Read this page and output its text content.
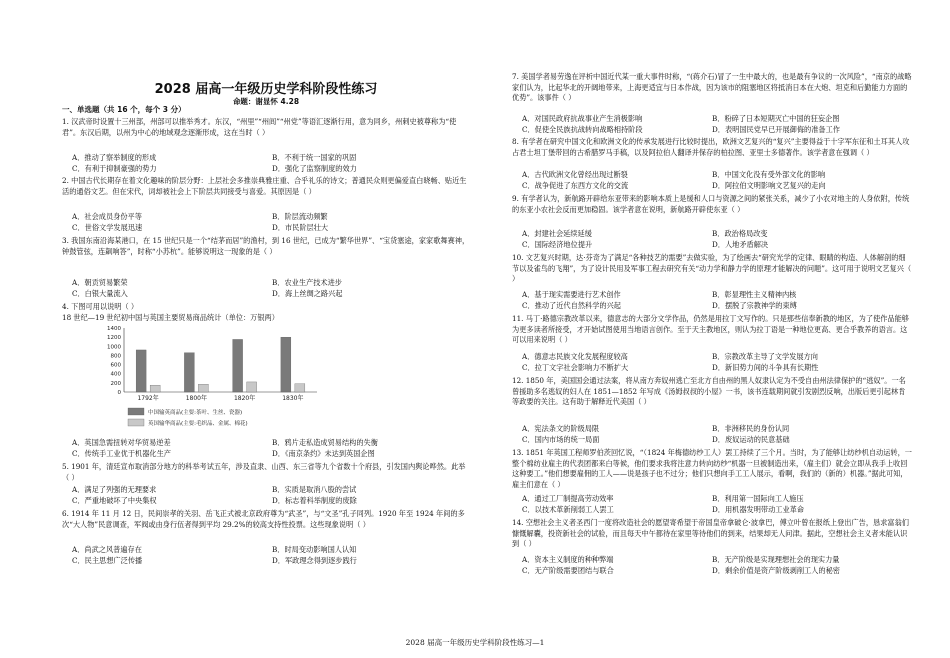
2028 届高一年级历史学科阶段性练习
命题：谢显怀 4.28
一、单选题（共 16 个，每个 3 分）
1. 汉武帝时设置十三州部，州部可以推举秀才。东汉，“州里”“州闾”“州党”等语汇逐渐行用，意为同乡，州刺史被尊称为“使君”。东汉后期，以州为中心的地域观念逐渐形成，这在当时（ ）
A．推动了察举制度的形成	B．不利于统一国家的巩固
C．有利于抑制豪强的势力	D．强化了监察制度的效力
2. 中国古代长期存在着文化趣味的阶层分野：上层社会多推崇典雅庄重、合乎礼乐的诗文；普通民众则更偏爱直白晓畅、贴近生活的通俗文艺。但在宋代，词却被社会上下阶层共同接受与喜爱。其原因是（ ）
A．社会成员身份平等	B．阶层流动频繁
C．世俗文学发展迅速	D．市民阶层壮大
3. 我国东南沿海某港口，在 15 世纪只是一个“结茅而居”的渔村，到 16 世纪，已成为“繁华世界”、“宝货塞途，家家歌舞赛神，钟鼓管弦，连飙响答”，时称“小苏杭”。能够说明这一现象的是（ ）
A．朝贡贸易繁荣	B．农业生产技术进步
C．白银大量流入	D．海上丝绸之路兴起
4. 下图可用以说明（ ）
18 世纪—19 世纪初中国与英国主要贸易商品统计（单位：万银两）
0
200
400
600
800
1000
1200
1400
1792年	1800年	1820年	1830年
中国输英商品(主要:茶叶、生丝、瓷器)
英国输华商品(主要:毛织品、金属、棉花)
A．英国急需扭转对华贸易逆差	B．鸦片走私造成贸易结构的失衡
C．传统手工业优于机器化生产	D．《南京条约》未达到英国企图
5. 1901 年，清廷宣布取消部分地方的科举考试五年，涉及直隶、山西、东三省等九个省数十个府县，引发国内舆论哗然。此举（ ）
A．满足了列强的无理要求	B．实质是取消八股的尝试
C．严重地破坏了中央集权	D．标志着科举制度的废除
6. 1914 年 11 月 12 日，民间崇孝的关羽、岳飞正式被北京政府尊为“武圣”，与“文圣”孔子同列。1920 年至 1924 年间的多次“大人物”民意调查，军阀或由身行伍者得到平均 29.2%的较高支持性投票。这些现象说明（ ）
A．尚武之风普遍存在	B．时局变动影响国人认知
C．民主思想广泛传播	D．军政理念得到逐步践行
7. 美国学者易劳逸在评析中国近代某一重大事件时称，“(蒋介石)冒了一生中最大的，也是最有争议的一次风险”，“南京的战略家们认为，比起华北的开阔地带来，上海更适宜与日本作战，因为该市的阻塞地区将抵消日本在大炮、坦克和后勤能力方面的优势”。该事件（ ）
A．对国民政府抗战事业产生消极影响	B．粉碎了日本短期灭亡中国的狂妄企图
C．促使全民族抗战转向战略相持阶段	D．表明国民党早已开展御侮的准备工作
8. 有学者在研究中国文化和欧洲文化的传承发展进行比较时提出，欧洲文艺复兴的“复兴”主要得益于十字军东征和土耳其人攻占君士坦丁堡带回的古希腊罗马手稿，以及阿拉伯人翻译并保存的柏拉图、亚里士多德著作。该学者意在强调（ ）
A．古代欧洲文化曾经出现过断裂	B．中国文化没有受外部文化的影响
C．战争促进了东西方文化的交流	D．阿拉伯文明影响文艺复兴的走向
9. 有学者认为，新航路开辟给东亚带来的影响本质上是缓和人口与资源之间的紧张关系，减少了小农对地主的人身依附，传统的东亚小农社会反而更加稳固。该学者意在说明，新航路开辟使东亚（ ）
A．封建社会延续延缓	B．政治格局改变
C．国际经济地位提升	D．人地矛盾解决
10. 文艺复兴时期，达·芬奇为了满足“各种技艺的需要”去做实验，为了绘画去“研究光学的定律、眼睛的构造、人体解剖的细节以及雀鸟的飞翔”，为了设计民用及军事工程去研究有关“动力学和静力学的原理才能解决的问题”。这可用于说明文艺复兴（ ）
A．基于现实需要进行艺术创作	B．彰显理性主义精神内核
C．推动了近代自然科学的兴起	D．摆脱了宗教神学的束缚
11. 马丁·路德宗教改革以来，德意志的大部分文学作品，仍然是用拉丁文写作的。只是那些信奉新教的地区，为了使作品能够为更多读者所接受，才开始试图使用当地语言创作。至于天主教地区，则认为拉丁语是一种地位更高、更合乎教养的语言。这可以用来说明（ ）
A．德意志民族文化发展程度较高	B．宗教改革主导了文学发展方向
C．拉丁文字社会影响力不断扩大	D．新旧势力间的斗争具有长期性
12. 1850 年，美国国会通过法案，将从南方奔奴州逃亡至北方自由州的黑人奴隶认定为不受自由州法律保护的“逃奴”。一名曾援助多名逃奴的妇人在 1851—1852 年写成《汤姆叔叔的小屋》一书，该书连载期间就引发剧烈反响，出版后更引起林肯等政要的关注。这有助于解释近代美国（ ）
A．宪法条文的阶级局限	B．非洲移民的身份认同
C．国内市场的统一局面	D．废奴运动的民意基础
13. 1851 年英国工程师罗伯茨回忆说，“（1824 年梅德纺纱工人）罢工持续了三个月。当时，为了能够让纺纱机自动运转，一整个棉纺业雇主的代表团都来白等候，他们要求我将注意力转向纺纱“机器一旦被制造出来，（雇主们）就会立即从我手上收回这种要工。”他们想要雇佣的工人——说是孩子也不过分；他们只想向手工工人展示，看啊，我们的（新的）机器。”据此可知，雇主们意在（ ）
A．通过工厂制提高劳动效率	B．利用第一国际向工人施压
C．以技术革新削弱工人罢工	D．用机器发明带动工业革命
14. 空想社会主义者圣西门一度将改造社会的愿望寄希望于帝国皇帝拿破仑·波拿巴，傅立叶曾在报纸上登出广告，恳求富翁们慷慨解囊，投资新社会的试验，而且每天中午都待在家里等待他们的到来，结果却无人问津。据此，空想社会主义者未能认识到（ ）
A．资本主义制度的种种弊端	B．无产阶级是实现理想社会的现实力量
C．无产阶级需要团结与联合	D．剩余价值是资产阶级剥削工人的秘密
2028 届高一年级历史学科阶段性练习—1
